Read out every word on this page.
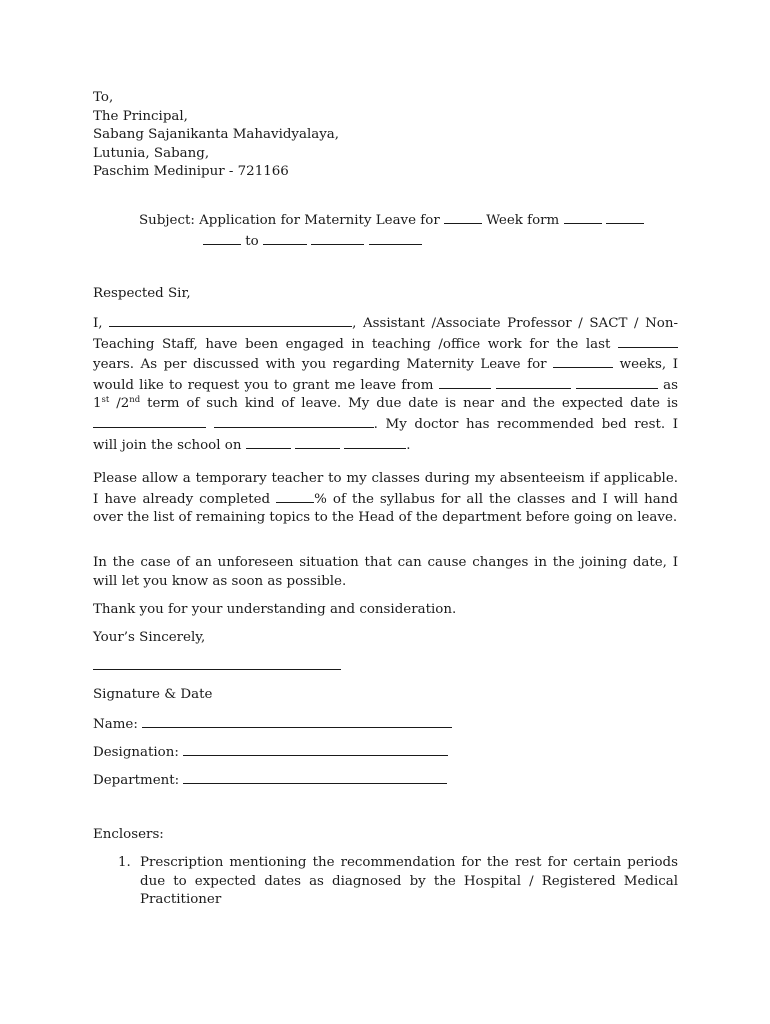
To,
The Principal,
Sabang Sajanikanta Mahavidyalaya,
Lutunia, Sabang,
Paschim Medinipur - 721166
Subject: Application for Maternity Leave for	Week form
to
Respected Sir,
I,	, Assistant /Associate Professor / SACT / Non-Teaching Staff, have been engaged in teaching /office work for the last  years. As per discussed with you regarding Maternity Leave for	weeks, I would like to request you to grant me leave from	as 1st /2nd term of such kind of leave. My due date is near and the expected date is  . My doctor has recommended bed rest. I will join the school on	.
Please allow a temporary teacher to my classes during my absenteeism if applicable. I have already completed	% of the syllabus for all the classes and I will hand over the list of remaining topics to the Head of the department before going on leave.
In the case of an unforeseen situation that can cause changes in the joining date, I will let you know as soon as possible.
Thank you for your understanding and consideration.
Your’s Sincerely,
Signature & Date
Name:
Designation:
Department:
Enclosers:
1. Prescription mentioning the recommendation for the rest for certain periods due to expected dates as diagnosed by the Hospital / Registered Medical Practitioner
